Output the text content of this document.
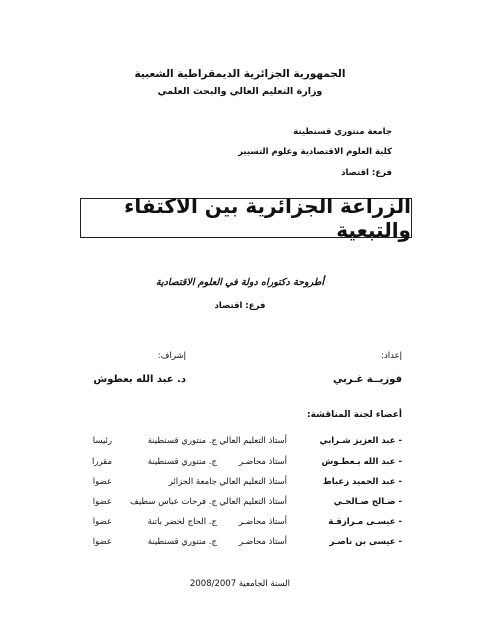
الجمهورية الجزائرية الديمقراطية الشعبية
وزارة التعليم العالي والبحث العلمي
جامعة منتوري قسنطينة
كلية العلوم الاقتصادية وعلوم التسيير
فرع: اقتصاد
الزراعة الجزائرية بين الاكتفاء والتبعية
أطروحة دكتوراه دولة في العلوم الاقتصادية
فرع: اقتصاد
إعداد:
فوزيــة غـربي
إشراف:
د. عبد الله بعطوش
أعضاء لجنة المناقشة:
- عبد العزيز شـرابي
أستاذ التعليم العالي
ج. منتوري قسنطينة
رئيسا
- عبد الله بـعطـوش
أستاذ محاضـر
ج. منتوري قسنطينة
مقررا
- عبد الحميد زعباط
أستاذ التعليم العالي
جامعة الجزائر
عضوا
- صـالح صـالحـي
أستاذ التعليم العالي
ج. فرحات عباس سطيف
عضوا
- عيسـى مـرازقـة
أستاذ محاضـر
ج. الحاج لخضر باتنة
عضوا
- عيسى بن ناصـر
أستاذ محاضـر
ج. منتوري قسنطينة
عضوا
السنة الجامعية 2008/2007
